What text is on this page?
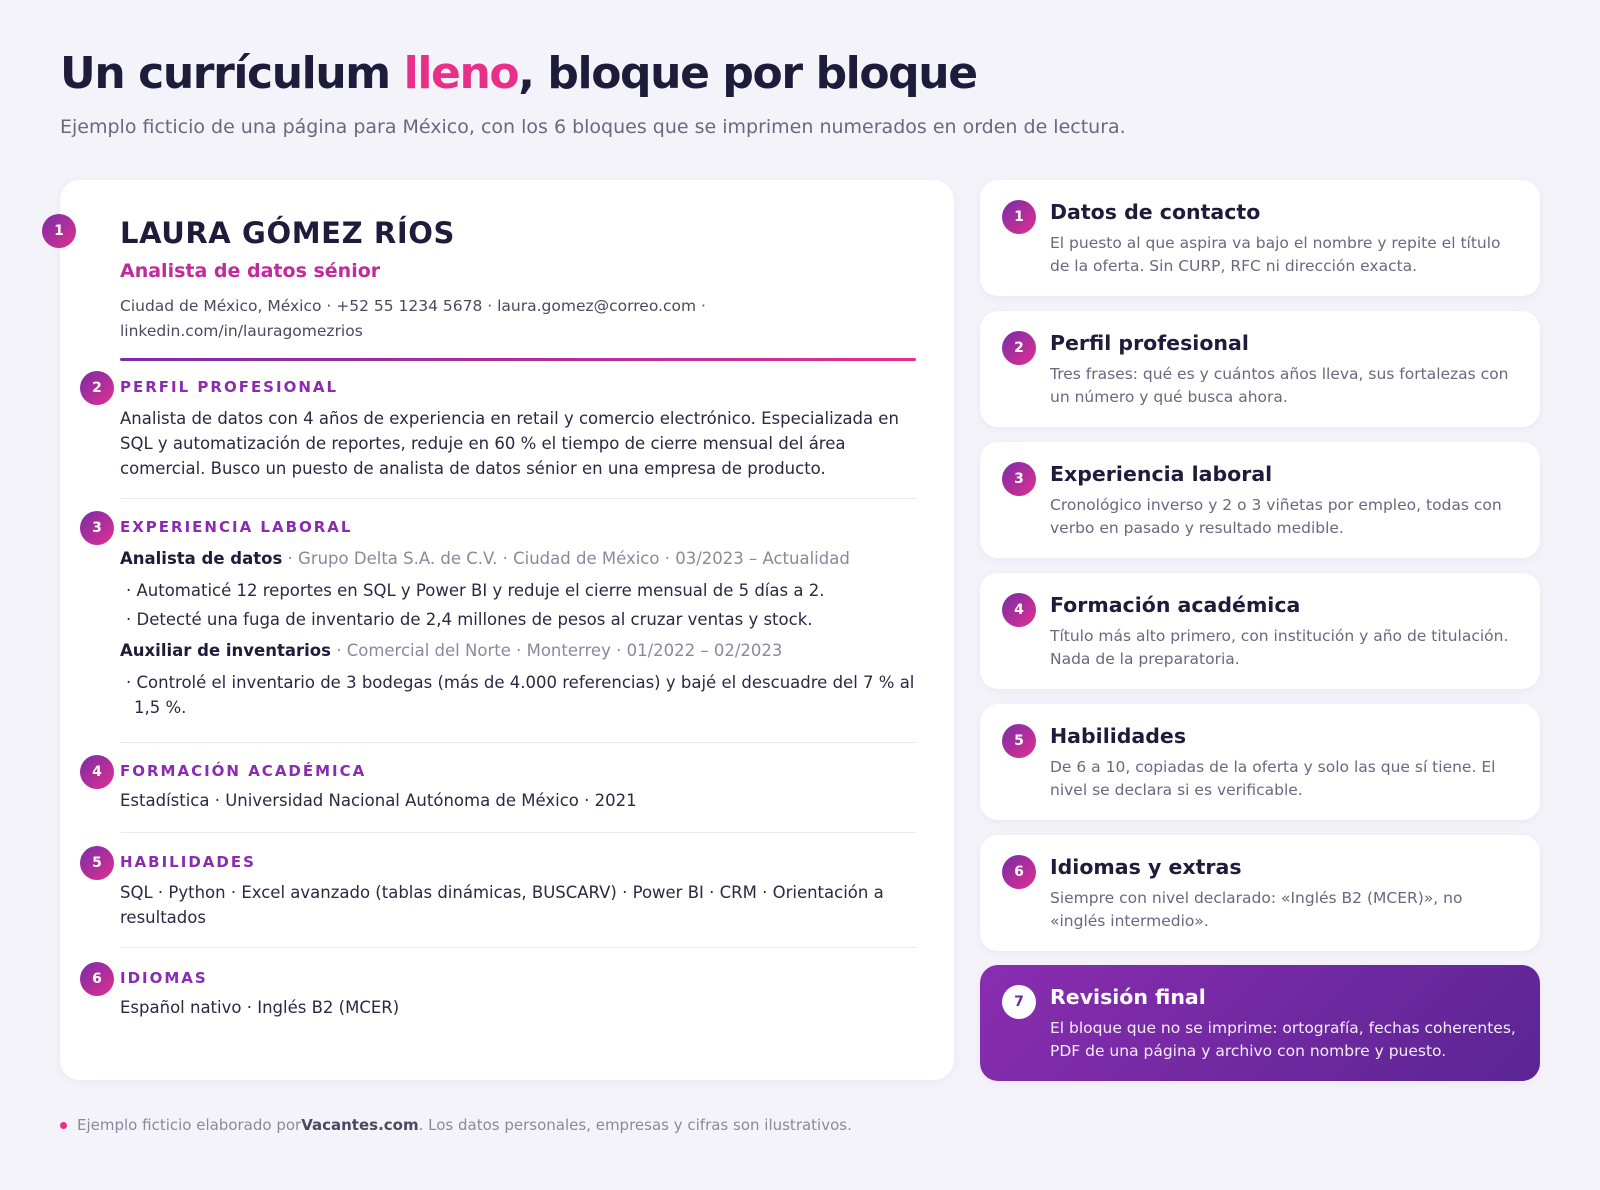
Un currículum lleno, bloque por bloque

Ejemplo ficticio de una página para México, con los 6 bloques que se imprimen numerados en orden de lectura.

1	LAURA GÓMEZ RÍOS
Analista de datos sénior
Ciudad de México, México · +52 55 1234 5678 · laura.gomez@correo.com · linkedin.com/in/lauragomezrios
2	PERFIL PROFESIONAL
Analista de datos con 4 años de experiencia en retail y comercio electrónico. Especializada en SQL y automatización de reportes, reduje en 60 % el tiempo de cierre mensual del área comercial. Busco un puesto de analista de datos sénior en una empresa de producto.
3	EXPERIENCIA LABORAL
Analista de datos · Grupo Delta S.A. de C.V. · Ciudad de México · 03/2023 – Actualidad
· Automaticé 12 reportes en SQL y Power BI y reduje el cierre mensual de 5 días a 2.
· Detecté una fuga de inventario de 2,4 millones de pesos al cruzar ventas y stock.
Auxiliar de inventarios · Comercial del Norte · Monterrey · 01/2022 – 02/2023
· Controlé el inventario de 3 bodegas (más de 4.000 referencias) y bajé el descuadre del 7 % al 1,5 %.
4	FORMACIÓN ACADÉMICA
Estadística · Universidad Nacional Autónoma de México · 2021
5	HABILIDADES
SQL · Python · Excel avanzado (tablas dinámicas, BUSCARV) · Power BI · CRM · Orientación a resultados
6	IDIOMAS
Español nativo · Inglés B2 (MCER)
1	Datos de contacto
El puesto al que aspira va bajo el nombre y repite el título de la oferta. Sin CURP, RFC ni dirección exacta.
2	Perfil profesional
Tres frases: qué es y cuántos años lleva, sus fortalezas con un número y qué busca ahora.
3	Experiencia laboral
Cronológico inverso y 2 o 3 viñetas por empleo, todas con verbo en pasado y resultado medible.
4	Formación académica
Título más alto primero, con institución y año de titulación. Nada de la preparatoria.
5	Habilidades
De 6 a 10, copiadas de la oferta y solo las que sí tiene. El nivel se declara si es verificable.
6	Idiomas y extras
Siempre con nivel declarado: «Inglés B2 (MCER)», no «inglés intermedio».
7	Revisión final
El bloque que no se imprime: ortografía, fechas coherentes, PDF de una página y archivo con nombre y puesto.
Ejemplo ficticio elaborado por Vacantes.com . Los datos personales, empresas y cifras son ilustrativos.
